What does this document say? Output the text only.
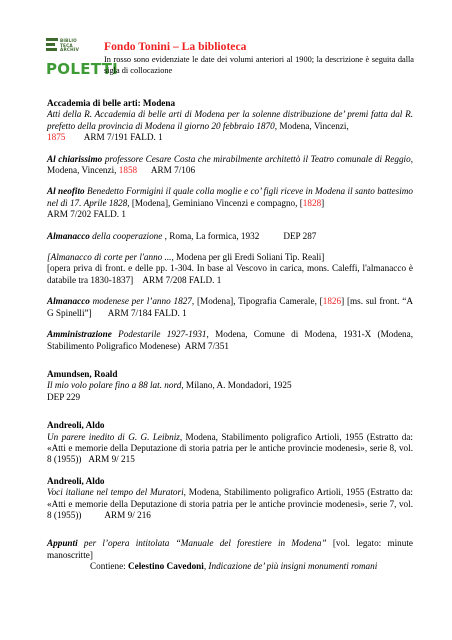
BIBLIO
TECA
ARCHIV
POLETTI
Fondo Tonini – La biblioteca
In rosso sono evidenziate le date dei volumi anteriori al 1900; la descrizione è seguita dalla sigla di collocazione

Accademia di belle arti: Modena

Atti della R. Accademia di belle arti di Modena per la solenne distribuzione de’ premi fatta dal R. prefetto della provincia di Modena il giorno 20 febbraio 1870, Modena, Vincenzi,

1875 ARM 7/191 FALD. 1

Al chiarissimo professore Cesare Costa che mirabilmente architettò il Teatro comunale di Reggio, Modena, Vincenzi, 1858 ARM 7/106

Al neofito Benedetto Formigini il quale colla moglie e co’ figli riceve in Modena il santo battesimo nel dì 17. Aprile 1828, [Modena], Geminiano Vincenzi e compagno, [1828]

ARM 7/202 FALD. 1

Almanacco della cooperazione , Roma, La formica, 1932	DEP 287

[Almanacco di corte per l'anno ..., Modena per gli Eredi Soliani Tip. Reali]

[opera priva di front. e delle pp. 1-304. In base al Vescovo in carica, mons. Caleffi, l'almanacco è databile tra 1830-1837] ARM 7/208 FALD. 1

Almanacco modenese per l’anno 1827, [Modena], Tipografia Camerale, [1826] [ms. sul front. “A G Spinelli”] ARM 7/184 FALD. 1

Amministrazione Podestarile 1927-1931, Modena, Comune di Modena, 1931-X (Modena, Stabilimento Poligrafico Modenese) ARM 7/351

Amundsen, Roald

Il mio volo polare fino a 88 lat. nord, Milano, A. Mondadori, 1925

DEP 229

Andreoli, Aldo

Un parere inedito di G. G. Leibniz, Modena, Stabilimento poligrafico Artioli, 1955 (Estratto da: «Atti e memorie della Deputazione di storia patria per le antiche provincie modenesi», serie 8, vol. 8 (1955)) ARM 9/ 215

Andreoli, Aldo

Voci italiane nel tempo del Muratori, Modena, Stabilimento poligrafico Artioli, 1955 (Estratto da: «Atti e memorie della Deputazione di storia patria per le antiche provincie modenesi», serie 7, vol. 8 (1955)) ARM 9/ 216

Appunti per l’opera intitolata “Manuale del forestiere in Modena” [vol. legato: minute manoscritte]

Contiene: Celestino Cavedoni, Indicazione de’ più insigni monumenti romani
